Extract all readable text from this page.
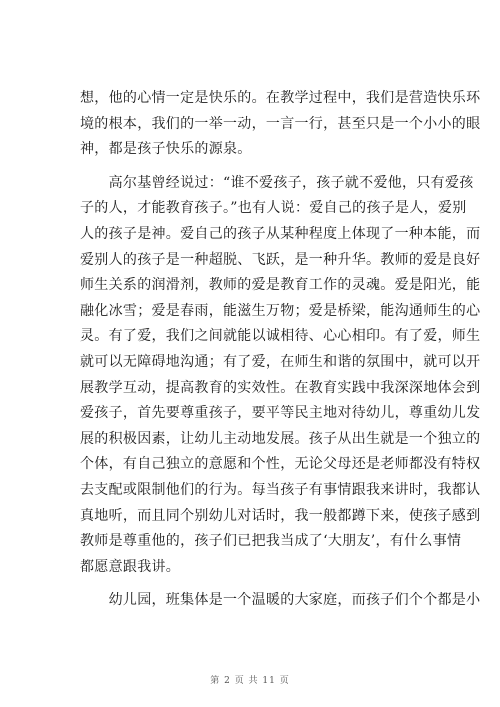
想，他的心情一定是快乐的。在教学过程中，我们是营造快乐环

境的根本，我们的一举一动，一言一行，甚至只是一个小小的眼

神，都是孩子快乐的源泉。

　　高尔基曾经说过：“谁不爱孩子，孩子就不爱他，只有爱孩

子的人，才能教育孩子。”也有人说：爱自己的孩子是人，爱别

人的孩子是神。爱自己的孩子从某种程度上体现了一种本能，而

爱别人的孩子是一种超脱、飞跃，是一种升华。教师的爱是良好

师生关系的润滑剂，教师的爱是教育工作的灵魂。爱是阳光，能

融化冰雪；爱是春雨，能滋生万物；爱是桥梁，能沟通师生的心

灵。有了爱，我们之间就能以诚相待、心心相印。有了爱，师生

就可以无障碍地沟通；有了爱，在师生和谐的氛围中，就可以开

展教学互动，提高教育的实效性。在教育实践中我深深地体会到

爱孩子，首先要尊重孩子，要平等民主地对待幼儿，尊重幼儿发

展的积极因素，让幼儿主动地发展。孩子从出生就是一个独立的

个体，有自己独立的意愿和个性，无论父母还是老师都没有特权

去支配或限制他们的行为。每当孩子有事情跟我来讲时，我都认

真地听，而且同个别幼儿对话时，我一般都蹲下来，使孩子感到

教师是尊重他的，孩子们已把我当成了‘大朋友’，有什么事情

都愿意跟我讲。

　　幼儿园，班集体是一个温暖的大家庭，而孩子们个个都是小

第 2 页 共 11 页
